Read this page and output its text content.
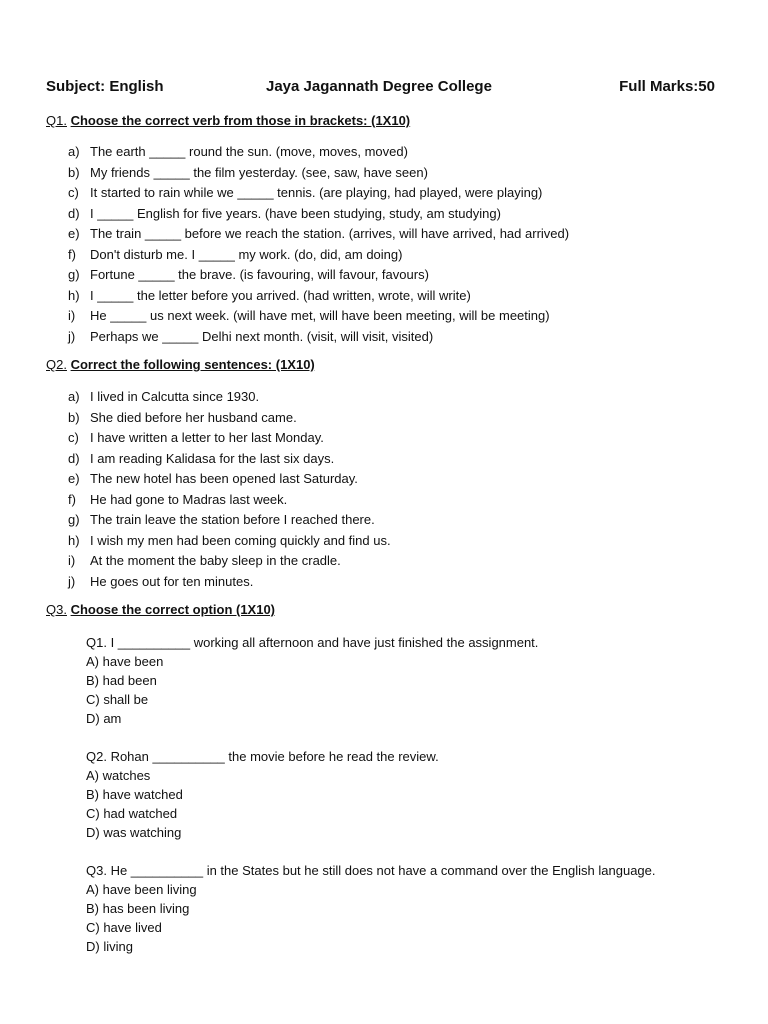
Subject: English	Jaya Jagannath Degree College	Full Marks:50
Q1. Choose the correct verb from those in brackets: (1X10)
a) The earth _____ round the sun. (move, moves, moved)
b) My friends _____ the film yesterday. (see, saw, have seen)
c) It started to rain while we _____ tennis. (are playing, had played, were playing)
d) I _____ English for five years. (have been studying, study, am studying)
e) The train _____ before we reach the station. (arrives, will have arrived, had arrived)
f) Don't disturb me. I _____ my work. (do, did, am doing)
g) Fortune _____ the brave. (is favouring, will favour, favours)
h) I _____ the letter before you arrived. (had written, wrote, will write)
i) He _____ us next week. (will have met, will have been meeting, will be meeting)
j) Perhaps we _____ Delhi next month. (visit, will visit, visited)
Q2. Correct the following sentences: (1X10)
a) I lived in Calcutta since 1930.
b) She died before her husband came.
c) I have written a letter to her last Monday.
d) I am reading Kalidasa for the last six days.
e) The new hotel has been opened last Saturday.
f) He had gone to Madras last week.
g) The train leave the station before I reached there.
h) I wish my men had been coming quickly and find us.
i) At the moment the baby sleep in the cradle.
j) He goes out for ten minutes.
Q3. Choose the correct option (1X10)
Q1. I __________ working all afternoon and have just finished the assignment.
A) have been
B) had been
C) shall be
D) am
Q2. Rohan __________ the movie before he read the review.
A) watches
B) have watched
C) had watched
D) was watching
Q3. He __________ in the States but he still does not have a command over the English language.
A) have been living
B) has been living
C) have lived
D) living
